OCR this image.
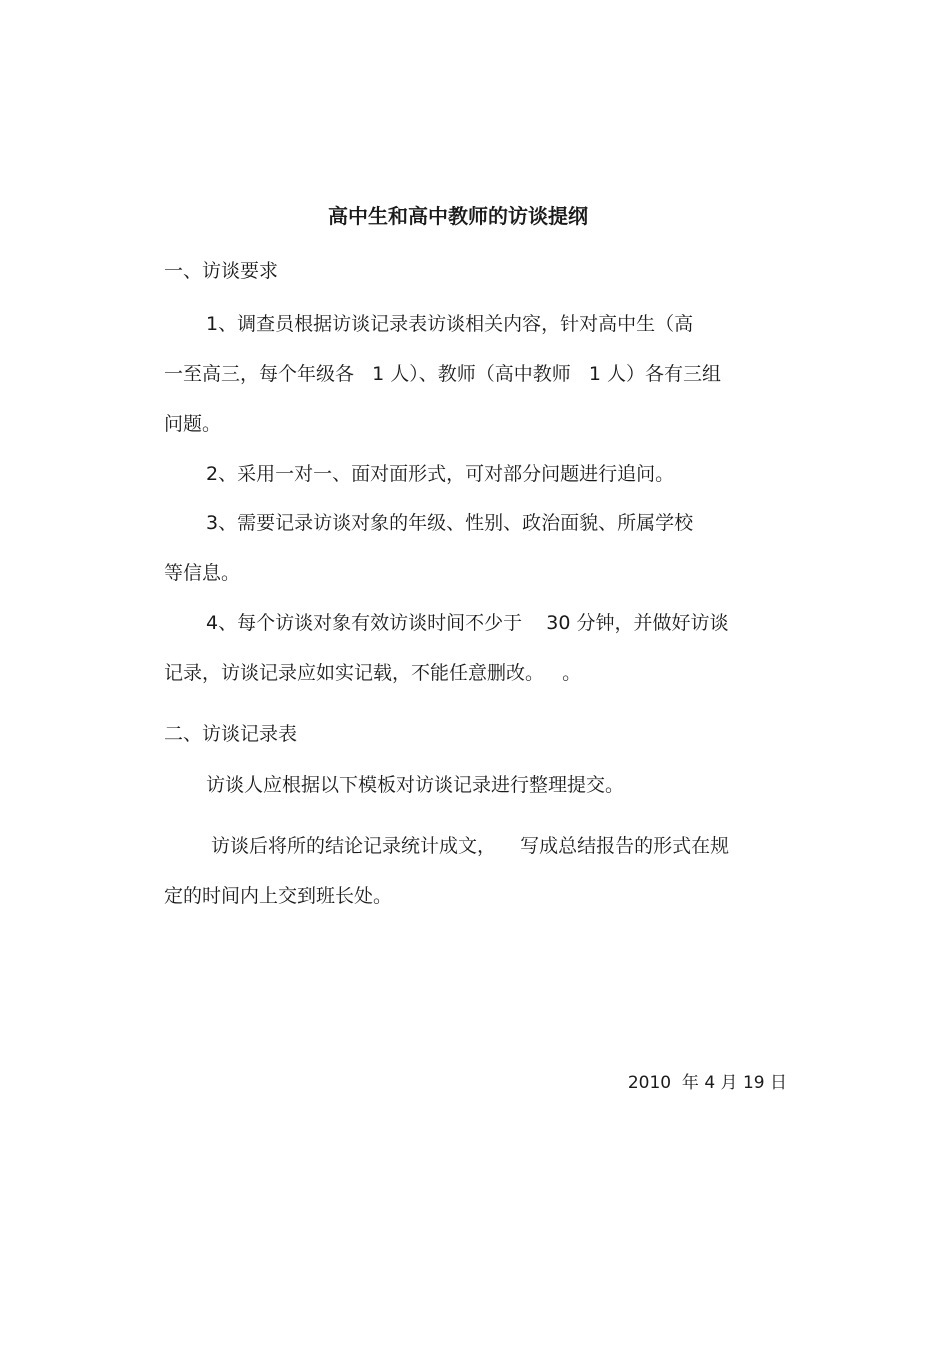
高中生和高中教师的访谈提纲

一、访谈要求

1、调查员根据访谈记录表访谈相关内容，针对高中生（高

一至高三，每个年级各   1 人）、教师（高中教师   1 人）各有三组

问题。

2、采用一对一、面对面形式，可对部分问题进行追问。

3、需要记录访谈对象的年级、性别、政治面貌、所属学校

等信息。

4、每个访谈对象有效访谈时间不少于    30 分钟，并做好访谈

记录，访谈记录应如实记载，不能任意删改。   。

二、访谈记录表

访谈人应根据以下模板对访谈记录进行整理提交。

访谈后将所的结论记录统计成文，    写成总结报告的形式在规

定的时间内上交到班长处。

2010  年 4 月 19 日
